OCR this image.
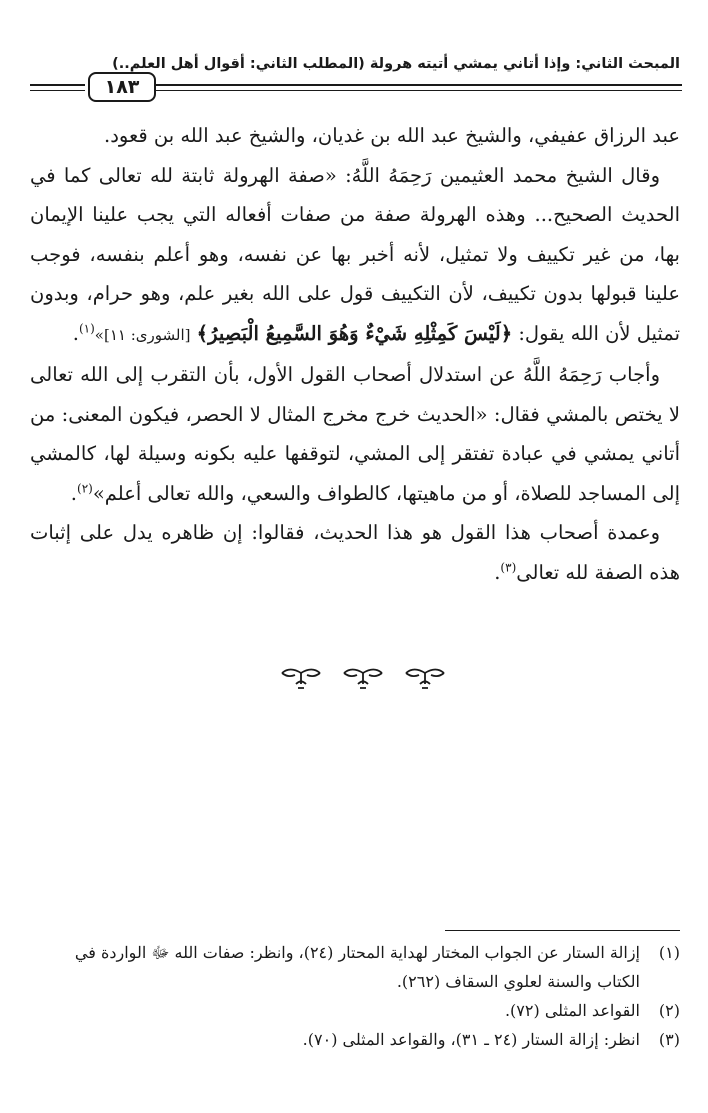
المبحث الثاني: وإذا أتاني يمشي أتيته هرولة (المطلب الثاني: أقوال أهل العلم..)
١٨٣

عبد الرزاق عفيفي، والشيخ عبد الله بن غديان، والشيخ عبد الله بن قعود.

وقال الشيخ محمد العثيمين رَحِمَهُ اللَّهُ: «صفة الهرولة ثابتة لله تعالى كما في الحديث الصحيح... وهذه الهرولة صفة من صفات أفعاله التي يجب علينا الإيمان بها، من غير تكييف ولا تمثيل، لأنه أخبر بها عن نفسه، وهو أعلم بنفسه، فوجب علينا قبولها بدون تكييف، لأن التكييف قول على الله بغير علم، وهو حرام، وبدون تمثيل لأن الله يقول: ﴿لَيْسَ كَمِثْلِهِ شَيْءٌ وَهُوَ السَّمِيعُ الْبَصِيرُ﴾ [الشورى: ١١]»$^{(١)}$.

وأجاب رَحِمَهُ اللَّهُ عن استدلال أصحاب القول الأول، بأن التقرب إلى الله تعالى لا يختص بالمشي فقال: «الحديث خرج مخرج المثال لا الحصر، فيكون المعنى: من أتاني يمشي في عبادة تفتقر إلى المشي، لتوقفها عليه بكونه وسيلة لها، كالمشي إلى المساجد للصلاة، أو من ماهيتها، كالطواف والسعي، والله تعالى أعلم»$^{(٢)}$.

وعمدة أصحاب هذا القول هو هذا الحديث، فقالوا: إن ظاهره يدل على إثبات هذه الصفة لله تعالى$^{(٣)}$.

(١)
إزالة الستار عن الجواب المختار لهداية المحتار (٢٤)، وانظر: صفات الله ﷻ الواردة في الكتاب والسنة لعلوي السقاف (٢٦٢).
(٢)
القواعد المثلى (٧٢).
(٣)
انظر: إزالة الستار (٢٤ ـ ٣١)، والقواعد المثلى (٧٠).
